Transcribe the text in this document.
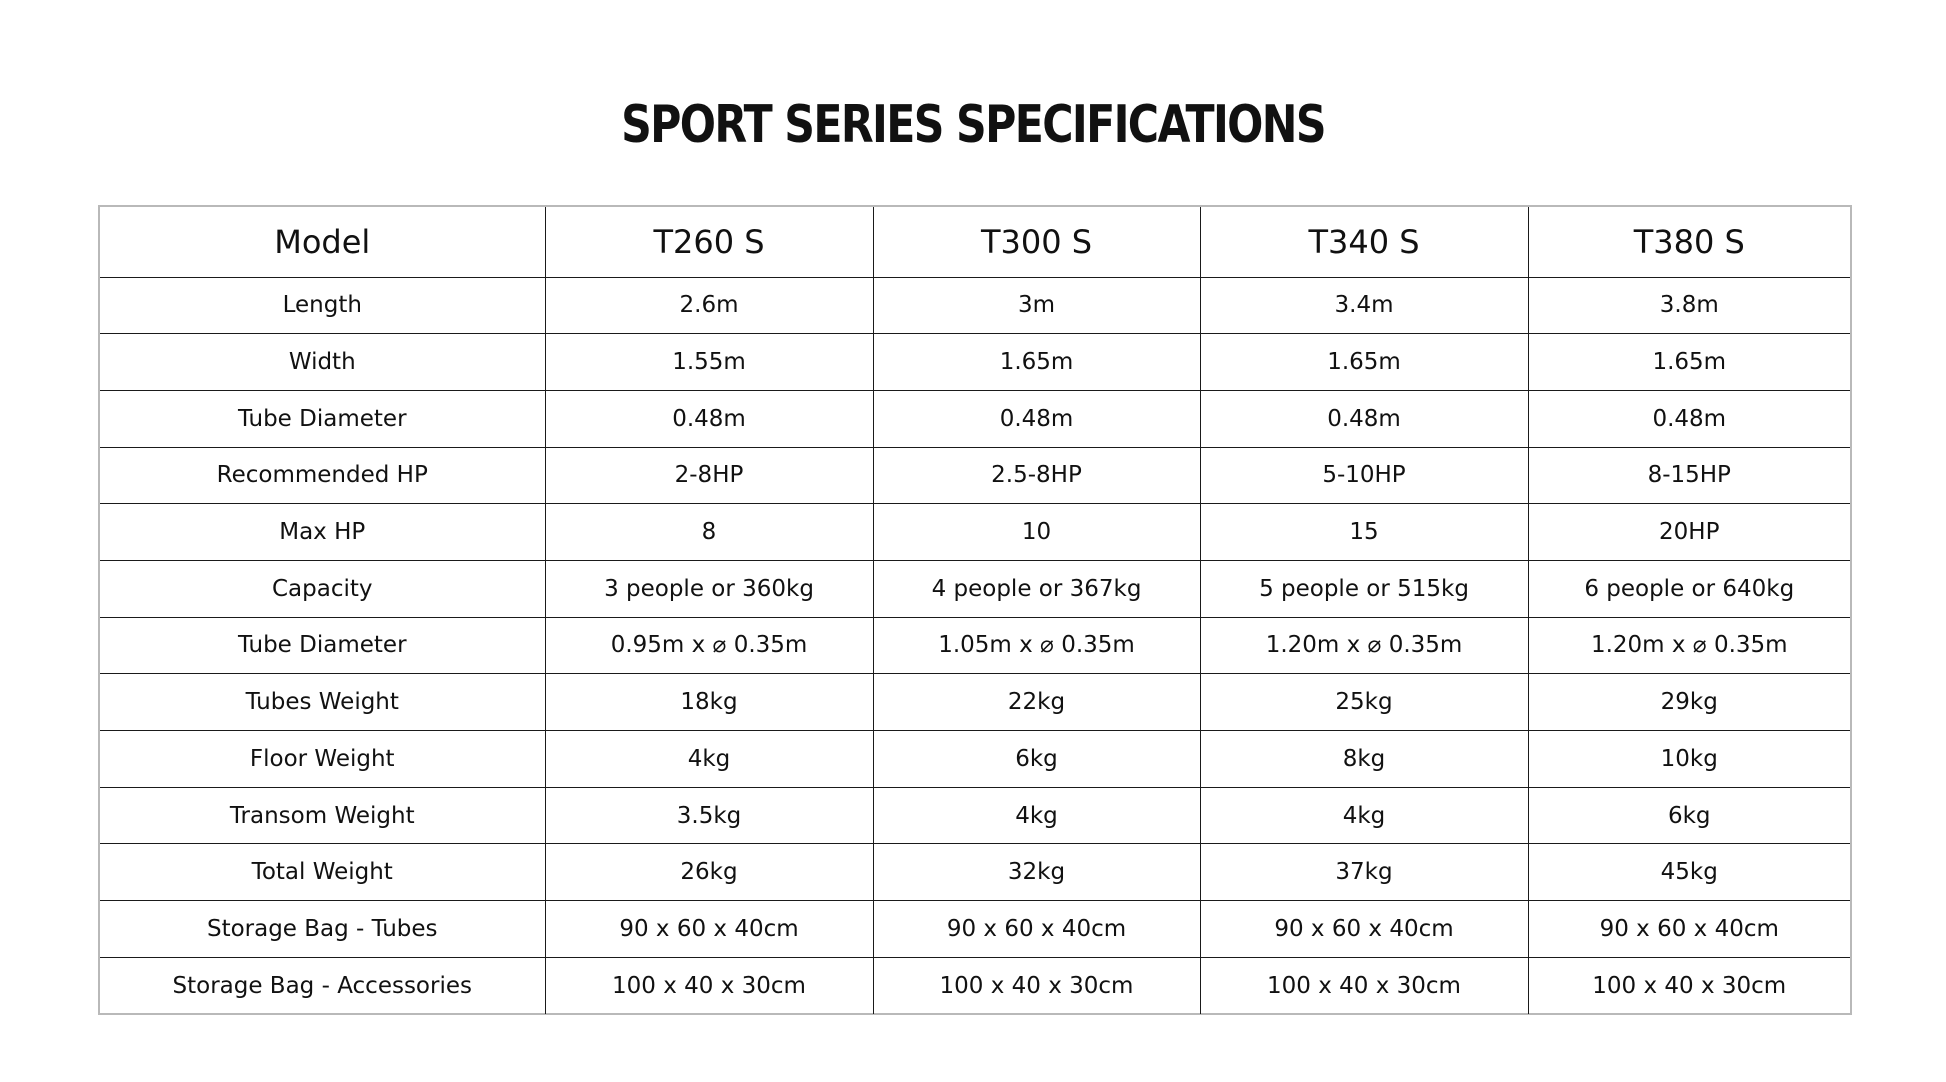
SPORT SERIES SPECIFICATIONS
Model	T260 S	T300 S	T340 S	T380 S
Length	2.6m	3m	3.4m	3.8m
Width	1.55m	1.65m	1.65m	1.65m
Tube Diameter	0.48m	0.48m	0.48m	0.48m
Recommended HP	2-8HP	2.5-8HP	5-10HP	8-15HP
Max HP	8	10	15	20HP
Capacity	3 people or 360kg	4 people or 367kg	5 people or 515kg	6 people or 640kg
Tube Diameter	0.95m x ⌀ 0.35m	1.05m x ⌀ 0.35m	1.20m x ⌀ 0.35m	1.20m x ⌀ 0.35m
Tubes Weight	18kg	22kg	25kg	29kg
Floor Weight	4kg	6kg	8kg	10kg
Transom Weight	3.5kg	4kg	4kg	6kg
Total Weight	26kg	32kg	37kg	45kg
Storage Bag - Tubes	90 x 60 x 40cm	90 x 60 x 40cm	90 x 60 x 40cm	90 x 60 x 40cm
Storage Bag - Accessories	100 x 40 x 30cm	100 x 40 x 30cm	100 x 40 x 30cm	100 x 40 x 30cm
